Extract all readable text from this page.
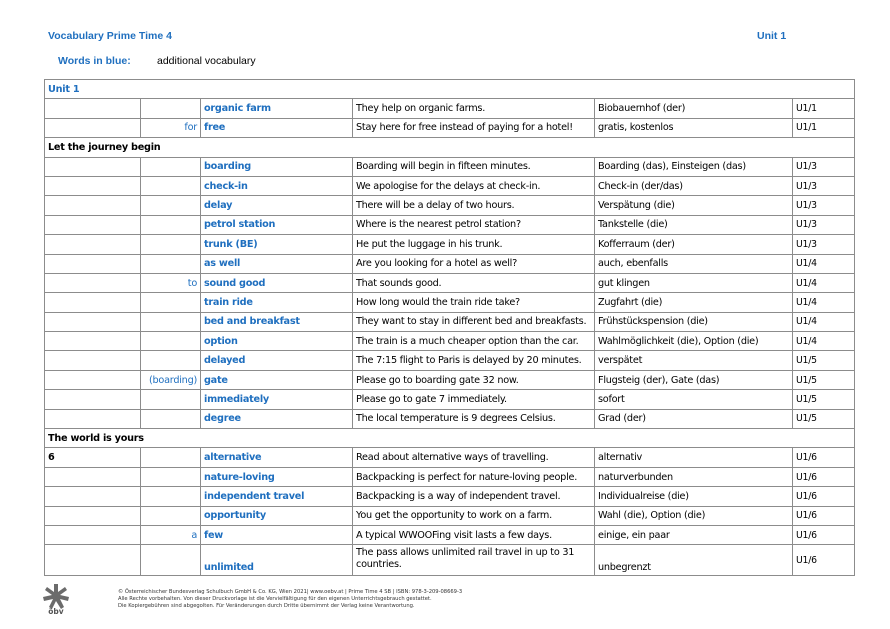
Vocabulary Prime Time 4	Unit 1
Words in blue:	additional vocabulary
Unit 1					
		organic farm	They help on organic farms.	Biobauernhof (der)	U1/1
	for	free	Stay here for free instead of paying for a hotel!	gratis, kostenlos	U1/1
Let the journey begin					
		boarding	Boarding will begin in fifteen minutes.	Boarding (das), Einsteigen (das)	U1/3
		check-in	We apologise for the delays at check-in.	Check-in (der/das)	U1/3
		delay	There will be a delay of two hours.	Verspätung (die)	U1/3
		petrol station	Where is the nearest petrol station?	Tankstelle (die)	U1/3
		trunk (BE)	He put the luggage in his trunk.	Kofferraum (der)	U1/3
		as well	Are you looking for a hotel as well?	auch, ebenfalls	U1/4
	to	sound good	That sounds good.	gut klingen	U1/4
		train ride	How long would the train ride take?	Zugfahrt (die)	U1/4
		bed and breakfast	They want to stay in different bed and breakfasts.	Frühstückspension (die)	U1/4
		option	The train is a much cheaper option than the car.	Wahlmöglichkeit (die), Option (die)	U1/4
		delayed	The 7:15 flight to Paris is delayed by 20 minutes.	verspätet	U1/5
	(boarding)	gate	Please go to boarding gate 32 now.	Flugsteig (der), Gate (das)	U1/5
		immediately	Please go to gate 7 immediately.	sofort	U1/5
		degree	The local temperature is 9 degrees Celsius.	Grad (der)	U1/5
The world is yours					
6		alternative	Read about alternative ways of travelling.	alternativ	U1/6
		nature-loving	Backpacking is perfect for nature-loving people.	naturverbunden	U1/6
		independent travel	Backpacking is a way of independent travel.	Individualreise (die)	U1/6
		opportunity	You get the opportunity to work on a farm.	Wahl (die), Option (die)	U1/6
	a	few	A typical WWOOFing visit lasts a few days.	einige, ein paar	U1/6
		unlimited	The pass allows unlimited rail travel in up to 31 countries.	unbegrenzt	U1/6
öbv
© Österreichischer Bundesverlag Schulbuch GmbH & Co. KG, Wien 2021| www.oebv.at | Prime Time 4 SB | ISBN: 978-3-209-08669-3
Alle Rechte vorbehalten. Von dieser Druckvorlage ist die Vervielfältigung für den eigenen Unterrichtsgebrauch gestattet.
Die Kopiergebühren sind abgegolten. Für Veränderungen durch Dritte übernimmt der Verlag keine Verantwortung.
